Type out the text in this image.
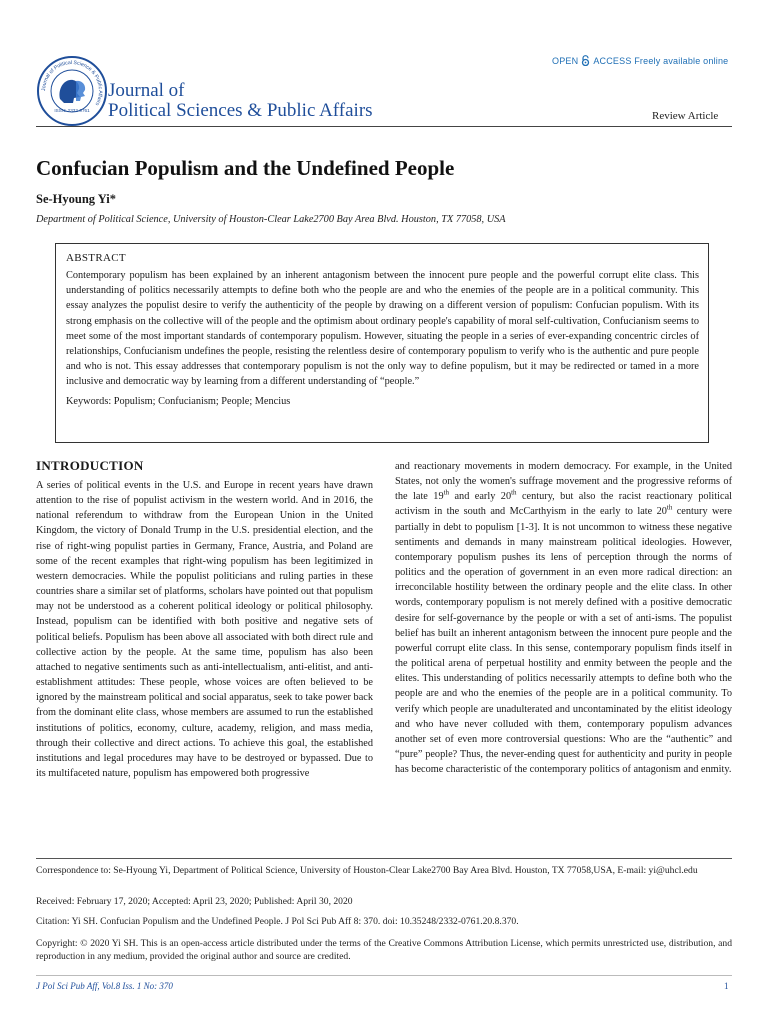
Journal of Political Science & Public Affairs
ISSN: 2332-0761
Journal of
Political Sciences & Public Affairs
OPEN ACCESS Freely available online
Review Article
Confucian Populism and the Undefined People
Se-Hyoung Yi*
Department of Political Science, University of Houston-Clear Lake2700 Bay Area Blvd. Houston, TX 77058, USA
ABSTRACT
Contemporary populism has been explained by an inherent antagonism between the innocent pure people and the powerful corrupt elite class. This understanding of politics necessarily attempts to define both who the people are and who the enemies of the people are in a political community. This essay analyzes the populist desire to verify the authenticity of the people by drawing on a different version of populism: Confucian populism. With its strong emphasis on the collective will of the people and the optimism about ordinary people's capability of moral self-cultivation, Confucianism seems to meet some of the most important standards of contemporary populism. However, situating the people in a series of ever-expanding concentric circles of relationships, Confucianism undefines the people, resisting the relentless desire of contemporary populism to verify who is the authentic and pure people and who is not. This essay addresses that contemporary populism is not the only way to define populism, but it may be redirected or tamed in a more inclusive and democratic way by learning from a different understanding of “people.”
Keywords: Populism; Confucianism; People; Mencius
INTRODUCTION
A series of political events in the U.S. and Europe in recent years have drawn attention to the rise of populist activism in the western world. And in 2016, the national referendum to withdraw from the European Union in the United Kingdom, the victory of Donald Trump in the U.S. presidential election, and the rise of right-wing populist parties in Germany, France, Austria, and Poland are some of the recent examples that right-wing populism has been legitimized in western democracies. While the populist politicians and ruling parties in these countries share a similar set of platforms, scholars have pointed out that populism may not be understood as a coherent political ideology or political philosophy. Instead, populism can be identified with both positive and negative sets of political beliefs. Populism has been above all associated with both direct rule and collective action by the people. At the same time, populism has also been attached to negative sentiments such as anti-intellectualism, anti-elitist, and anti-establishment attitudes: These people, whose voices are often believed to be ignored by the mainstream political and social apparatus, seek to take power back from the dominant elite class, whose members are assumed to run the established institutions of politics, economy, culture, academy, religion, and mass media, through their collective and direct actions. To achieve this goal, the established institutions and legal procedures may have to be destroyed or bypassed. Due to its multifaceted nature, populism has empowered both progressive
and reactionary movements in modern democracy. For example, in the United States, not only the women's suffrage movement and the progressive reforms of the late 19th and early 20th century, but also the racist reactionary political activism in the south and McCarthyism in the early to late 20th century were partially in debt to populism [1-3]. It is not uncommon to witness these negative sentiments and demands in many mainstream political ideologies. However, contemporary populism pushes its lens of perception through the norms of politics and the operation of government in an even more radical direction: an irreconcilable hostility between the ordinary people and the elite class. In other words, contemporary populism is not merely defined with a positive democratic desire for self-governance by the people or with a set of anti-isms. The populist belief has built an inherent antagonism between the innocent pure people and the powerful corrupt elite class. In this sense, contemporary populism finds itself in the political arena of perpetual hostility and enmity between the people and the elites. This understanding of politics necessarily attempts to define both who the people are and who the enemies of the people are in a political community. To verify which people are unadulterated and uncontaminated by the elitist ideology and who have never colluded with them, contemporary populism advances another set of even more controversial questions: Who are the “authentic” and “pure” people? Thus, the never-ending quest for authenticity and purity in people has become characteristic of the contemporary politics of antagonism and enmity.
Correspondence to: Se-Hyoung Yi, Department of Political Science, University of Houston-Clear Lake2700 Bay Area Blvd. Houston, TX 77058,USA, E-mail: yi@uhcl.edu
Received: February 17, 2020; Accepted: April 23, 2020; Published: April 30, 2020
Citation: Yi SH. Confucian Populism and the Undefined People. J Pol Sci Pub Aff 8: 370. doi: 10.35248/2332-0761.20.8.370.
Copyright: © 2020 Yi SH. This is an open-access article distributed under the terms of the Creative Commons Attribution License, which permits unrestricted use, distribution, and reproduction in any medium, provided the original author and source are credited.
J Pol Sci Pub Aff, Vol.8 Iss. 1 No: 370	1
